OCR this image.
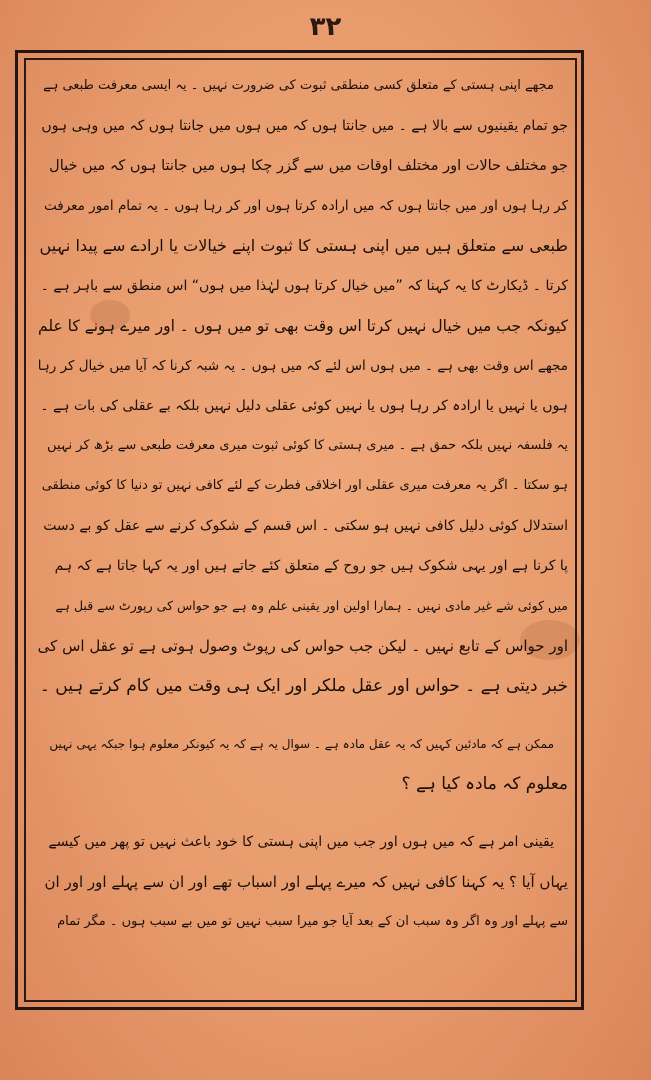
۳۲
مجھے اپنی ہستی کے متعلق کسی منطقی ثبوت کی ضرورت نہیں ۔ یہ ایسی معرفت طبعی ہے
جو تمام یقینیوں سے بالا ہے ۔ میں جانتا ہوں کہ میں ہوں میں جانتا ہوں کہ میں وہی ہوں
جو مختلف حالات اور مختلف اوقات میں سے گزر چکا ہوں میں جانتا ہوں کہ میں خیال
کر رہا ہوں اور میں جانتا ہوں کہ میں ارادہ کرتا ہوں اور کر رہا ہوں ۔ یہ تمام امور معرفت
طبعی سے متعلق ہیں میں اپنی ہستی کا ثبوت اپنے خیالات یا ارادے سے پیدا نہیں
کرتا ۔ ڈیکارٹ کا یہ کہنا کہ ”میں خیال کرتا ہوں لہٰذا میں ہوں“ اس منطق سے باہر ہے ۔
کیونکہ جب میں خیال نہیں کرتا اس وقت بھی تو میں ہوں ۔ اور میرے ہونے کا علم
مجھے اس وقت بھی ہے ۔ میں ہوں اس لئے کہ میں ہوں ۔ یہ شبہ کرنا کہ آیا میں خیال کر رہا
ہوں یا نہیں یا ارادہ کر رہا ہوں یا نہیں کوئی عقلی دلیل نہیں بلکہ بے عقلی کی بات ہے ۔
یہ فلسفہ نہیں بلکہ حمق ہے ۔ میری ہستی کا کوئی ثبوت میری معرفت طبعی سے بڑھ کر نہیں
ہو سکتا ۔ اگر یہ معرفت میری عقلی اور اخلاقی فطرت کے لئے کافی نہیں تو دنیا کا کوئی منطقی
استدلال کوئی دلیل کافی نہیں ہو سکتی ۔ اس قسم کے شکوک کرنے سے عقل کو بے دست
پا کرنا ہے اور یہی شکوک ہیں جو روح کے متعلق کئے جاتے ہیں اور یہ کہا جاتا ہے کہ ہم
میں کوئی شے غیر مادی نہیں ۔ ہمارا اولین اور یقینی علم وہ ہے جو حواس کی رپورٹ سے قبل ہے
اور حواس کے تابع نہیں ۔ لیکن جب حواس کی رپوٹ وصول ہوتی ہے تو عقل اس کی
خبر دیتی ہے ۔ حواس اور عقل ملکر اور ایک ہی وقت میں کام کرتے ہیں ۔
ممکن ہے کہ مادئین کہیں کہ یہ عقل مادہ ہے ۔ سوال یہ ہے کہ یہ کیونکر معلوم ہوا جبکہ یہی نہیں
معلوم کہ مادہ کیا ہے ؟
یقینی امر ہے کہ میں ہوں اور جب میں اپنی ہستی کا خود باعث نہیں تو پھر میں کیسے
یہاں آیا ؟ یہ کہنا کافی نہیں کہ میرے پہلے اور اسباب تھے اور ان سے پہلے اور اور ان
سے پہلے اور وہ اگر وہ سبب ان کے بعد آیا جو میرا سبب نہیں تو میں بے سبب ہوں ۔ مگر تمام
